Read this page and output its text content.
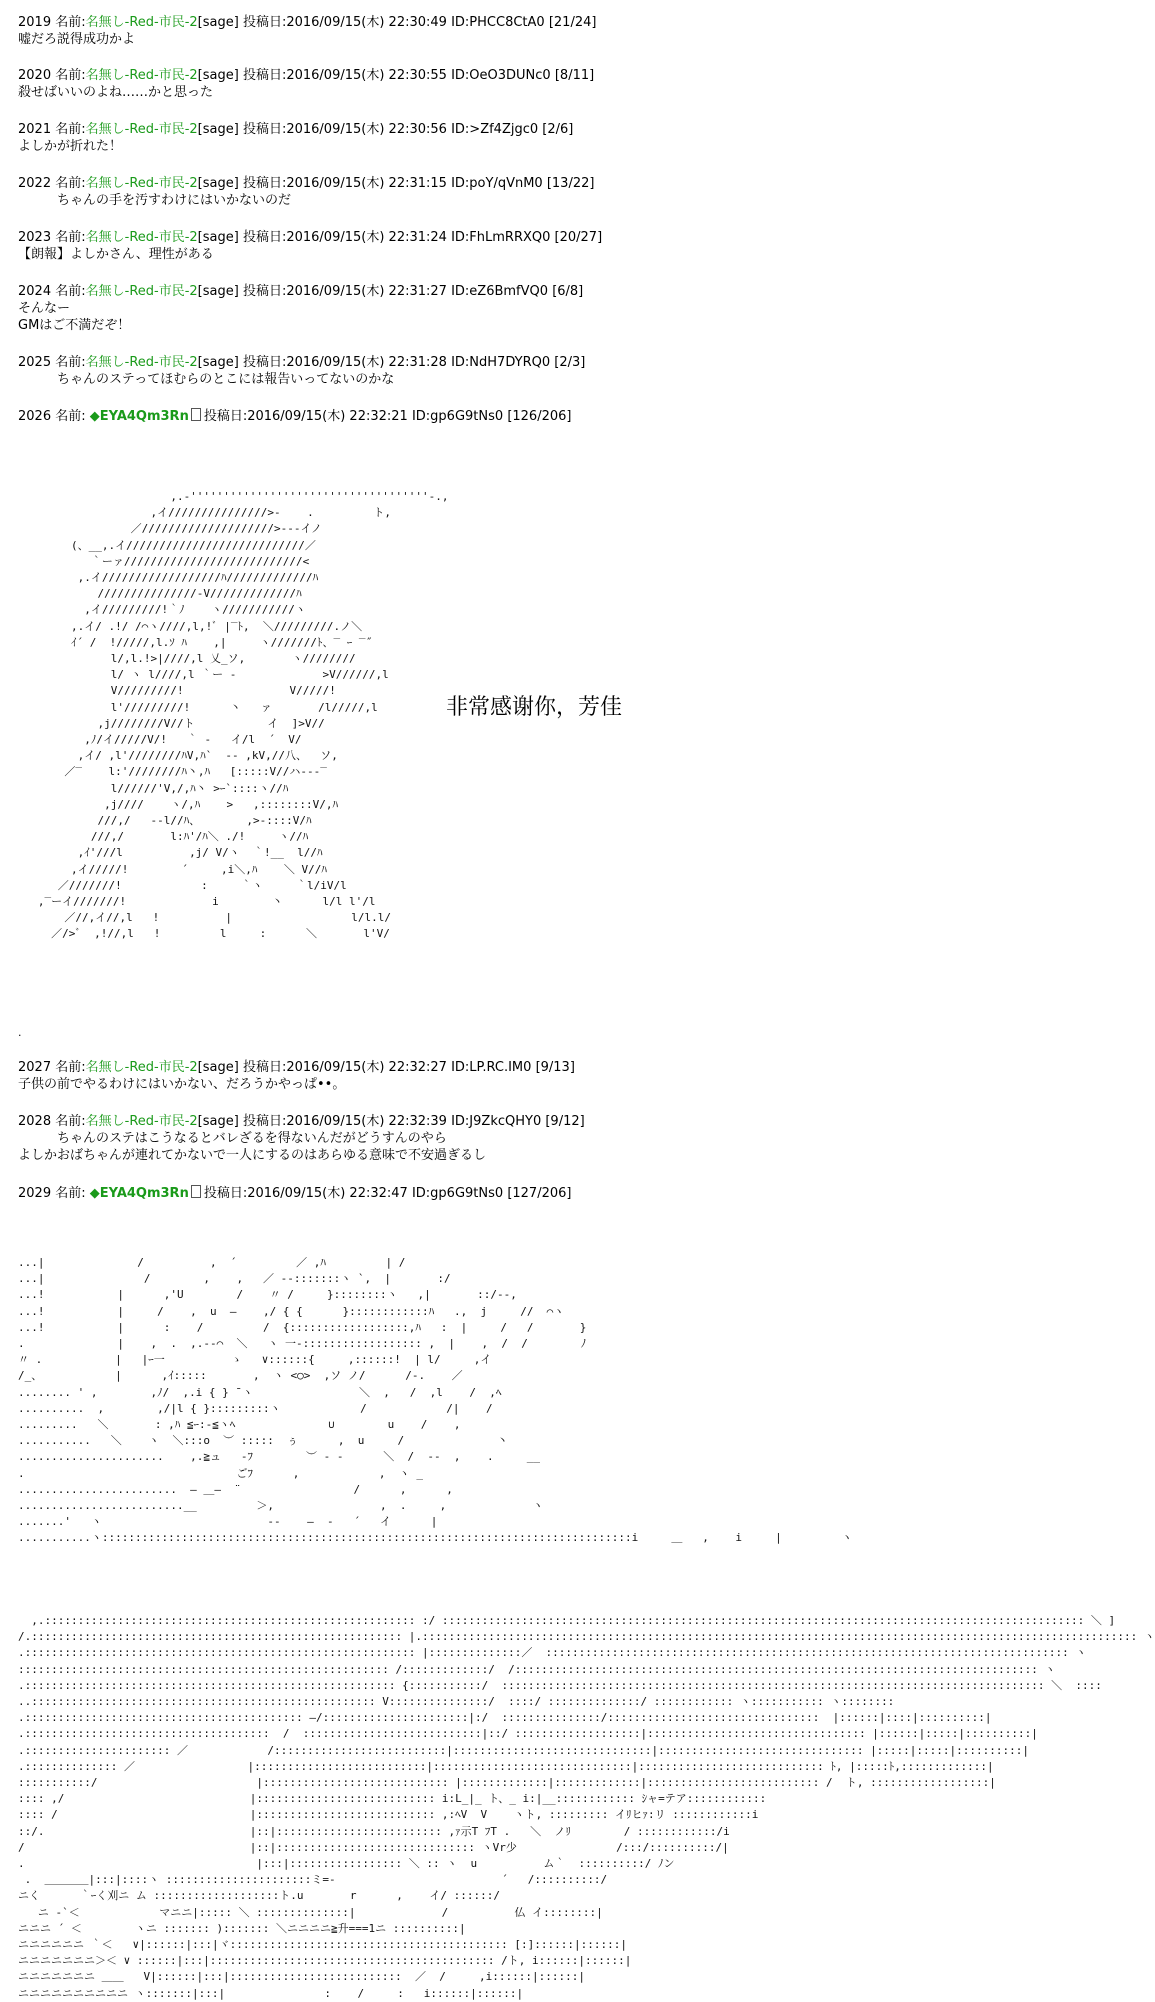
2019 名前:名無し-Red-市民-2[sage] 投稿日:2016/09/15(木) 22:30:49 ID:PHCC8CtA0 [21/24]
嘘だろ説得成功かよ
2020 名前:名無し-Red-市民-2[sage] 投稿日:2016/09/15(木) 22:30:55 ID:OeO3DUNc0 [8/11]
殺せばいいのよね……かと思った
2021 名前:名無し-Red-市民-2[sage] 投稿日:2016/09/15(木) 22:30:56 ID:>Zf4Zjgc0 [2/6]
よしかが折れた！
2022 名前:名無し-Red-市民-2[sage] 投稿日:2016/09/15(木) 22:31:15 ID:poY/qVnM0 [13/22]
　　　ちゃんの手を汚すわけにはいかないのだ
2023 名前:名無し-Red-市民-2[sage] 投稿日:2016/09/15(木) 22:31:24 ID:FhLmRRXQ0 [20/27]
【朗報】よしかさん、理性がある
2024 名前:名無し-Red-市民-2[sage] 投稿日:2016/09/15(木) 22:31:27 ID:eZ6BmfVQ0 [6/8]
そんなー
GMはご不満だぞ！
2025 名前:名無し-Red-市民-2[sage] 投稿日:2016/09/15(木) 22:31:28 ID:NdH7DYRQ0 [2/3]
　　　ちゃんのステってほむらのとこには報告いってないのかな
2026 名前: ◆EYA4Qm3Rn 投稿日:2016/09/15(木) 22:32:21 ID:gp6G9tNs0 [126/206]
,.-''''''''''''''''''''''''''''''''''''-.,
,イ///////////////>-    .         ト,
／////////////////////>---イノ
(、__,.イ///////////////////////////／
｀ーァ///////////////////////////<
,.イ//////////////////ﾊ/////////////ﾊ
///////////////-V/////////////ﾊ
,イ/////////!｀ﾉ    ヽ///////////ヽ
,.イ/ .!/ /⌒ヽ////,l,!ﾞ |‾ﾄ,  ＼/////////.ノ＼
ｲ´ /  !/////,l.ｿ ﾊ    ,|     ヽ///////ﾄ、‾ ｰ ‾˝
l/,l.!>|////,l 乂_ソ,       ヽ////////
l/ ヽ l////,l ｀ー -             >V//////,l
V/////////!                V/////!
l'/////////!      丶   ァ       /l/////,l
,j////////V//ト           イ  ]>V//
,ﾉ/イ/////V/!   ｀ ‐   イ/l  ´  V/
,イ/ ,l'////////ﾊV,ﾊ`  ‐‐ ,kV,//八、  ソ,
／‾    l:'////////ﾊ丶,ﾊ   [:::::V//ハ--‐‾
l//////'V,/,ﾊ丶 >ｰ`::::ヽ//ﾊ
,j////    ヽ/,ﾊ    >   ,::::::::V/,ﾊ
///,/   ‐‐l//ﾊ、       ,>-::::V/ﾊ
///,/       l:ﾊ'/ﾊ＼ ./!     ヽ//ﾊ
,ｲ'///l          ,j/ V/ヽ  ｀!__  l//ﾊ
,イ/////!        ´     ,i＼,ﾊ    ＼ V//ﾊ
／///////!            :     ｀ヽ     ｀l/iV/l
,‾ーイ///////!             i        丶      l/l l'/l
／//,イ//,l   !          |                  l/l.l/
／/>ﾞ  ,!//,l   !         l     :      ＼       l'V/
非常感谢你，芳佳
.
2027 名前:名無し-Red-市民-2[sage] 投稿日:2016/09/15(木) 22:32:27 ID:LP.RC.IM0 [9/13]
子供の前でやるわけにはいかない、だろうかやっぱ••。
2028 名前:名無し-Red-市民-2[sage] 投稿日:2016/09/15(木) 22:32:39 ID:J9ZkcQHY0 [9/12]
　　　ちゃんのステはこうなるとバレざるを得ないんだがどうすんのやら
よしかおばちゃんが連れてかないで一人にするのはあらゆる意味で不安過ぎるし
2029 名前: ◆EYA4Qm3Rn 投稿日:2016/09/15(木) 22:32:47 ID:gp6G9tNs0 [127/206]
...|              /          ,  ´         ／ ,ﾊ         | /
...|               /        ,    ,   ／ -‐:::::::ヽ `,  |       :/
...!           |      ,'U        /    〃 /     }::::::::ヽ   ,|       ::/‐-,
...!           |     /    ,  u  ―    ,/ { {      }::::::::::::ﾊ   .,  j     //  ⌒ヽ
...!           |      :    /         /  {::::::::::::::::::,ﾊ   :  |     /   /       }
.              |    ,  .  ,.-‐⌒  ＼   ヽ 一‐:::::::::::::::::: ,  |    ,  /  /        ﾉ
〃 .           |   |ｰ一          ゝ   ∨::::::{     ,::::::!  | l/     ,イ
/_、           |      ,ｲ:::::       ,  ヽ <○>  ,ソ ノ/      /‐.    ／
........ ' ,        ,ﾉ/  ,.i { } ̄ ヽ                ＼  ,   /  ,l    /  ,ﾍ
..........  ,        ,/|l { }:::::::::ヽ            /            /|    /
.........   ＼       : ,ﾊ ≦ｰ:‐≦ヽﾍ              ∪        u    /    ,
...........   ＼    ヽ  ＼:::o  ︶ :::::  ぅ      ,  u     /              丶
......................    ,.≧ュ   ‐ﾌ        ︶ ‐ -      ＼  /  ‐-  ,    .     __
.                                ごﾌ      ,            ,  ヽ _
........................  ― ＿―  ¨                 /      ,      ,
.........................__         ＞,                ,  .     ,             ヽ
.......'   ヽ                         ‐-    ―  ‐   ´   イ      |
...........ヽ::::::::::::::::::::::::::::::::::::::::::::::::::::::::::::::::::::::::::::::::i     ＿   ,    i     |         ヽ
,.:::::::::::::::::::::::::::::::::::::::::::::::::::::::: :/ ::::::::::::::::::::::::::::::::::::::::::::::::::::::::::::::::::::::::::::::::::::::::::::::::: ＼ ]
/.:::::::::::::::::::::::::::::::::::::::::::::::::::::::: |.:::::::::::::::::::::::::::::::::::::::::::::::::::::::::::::::::::::::::::::::::::::::::::::::::::::::::::: ヽ
.::::::::::::::::::::::::::::::::::::::::::::::::::::::::::: |::::::::::::::／  ::::::::::::::::::::::::::::::::::::::::::::::::::::::::::::::::::::::::::::::: ヽ
:::::::::::::::::::::::::::::::::::::::::::::::::::::::: /:::::::::::::/  /::::::::::::::::::::::::::::::::::::::::::::::::::::::::::::::::::::::::::::::: ヽ
.:::::::::::::::::::::::::::::::::::::::::::::::::::::::: {:::::::::::/  :::::::::::::::::::::::::::::::::::::::::::::::::::::::::::::::::::::::::::::::::: ＼  ::::
..:::::::::::::::::::::::::::::::::::::::::::::::::::: V:::::::::::::::/  ::::/ ::::::::::::::/ :::::::::::: ヽ::::::::::: ヽ::::::::
.:::::::::::::::::::::::::::::::::::::::::: ―/::::::::::::::::::::::|:/  :::::::::::::::/::::::::::::::::::::::::::::::::  |::::::|::::|::::::::::|
.:::::::::::::::::::::::::::::::::::::  /  :::::::::::::::::::::::::::|::/ :::::::::::::::::::|::::::::::::::::::::::::::::::::: |::::::|:::::|::::::::::|
.:::::::::::::::::::::: ／            /::::::::::::::::::::::::::|::::::::::::::::::::::::::::::|::::::::::::::::::::::::::::::: |:::::|:::::|::::::::::|
.:::::::::::::: ／                 |::::::::::::::::::::::::::|::::::::::::::::::::::::::::::|:::::::::::::::::::::::::::: ﾄ, |:::::ﾄ,:::::::::::::|
:::::::::::/                        |:::::::::::::::::::::::::::: |:::::::::::::|:::::::::::::|:::::::::::::::::::::::::: /  ト, ::::::::::::::::::|
:::: ,/                            |::::::::::::::::::::::::::: i:L_|_ ト、_ i:|__:::::::::::: ｼャ=テア::::::::::::
:::: /                             |::::::::::::::::::::::::::: ,:ﾍV  V    ヽト, ::::::::: イﾘヒｧ:リ ::::::::::::i
::/.                               |::|::::::::::::::::::::::::: ,ｧ示T ﾌT .   ＼  ノﾘ        / ::::::::::::/i
/                                  |::|:::::::::::::::::::::::::::::: ヽVr少               /:::/::::::::::/|
.                                   |:::|::::::::::::::::: ＼ :: ヽ  u          ム｀  ::::::::::/ ﾉン
.  ＿＿＿＿|:::|::::ヽ ::::::::::::::::::::::ミ=‐                         ´   /::::::::::/
ニく      ｀ｰく刈ニ ム :::::::::::::::::::ト.u       r      ,    イ/ ::::::/
ニ ‐`＜            マニニ|::::: ＼ ::::::::::::::|             /          仏 イ::::::::|
ニニニ ´ ＜        ヽニ ::::::: )::::::: ＼ニニニニ≧升===1ニ ::::::::::|
ニニニニニニ ｀＜   ∨|::::::|:::|ヾ:::::::::::::::::::::::::::::::::::::::::: [:]::::::|::::::|
ニニニニニニニ＞＜ ∨ ::::::|:::|::::::::::::::::::::::::::::::::::::::::::: /ト, i::::::|::::::|
ニニニニニニニ ＿＿   V|::::::|:::|::::::::::::::::::::::::::  ／  /     ,i::::::|::::::|
ニニニニニニニニニニ ヽ:::::::|:::|               :    /     :   i::::::|::::::|
